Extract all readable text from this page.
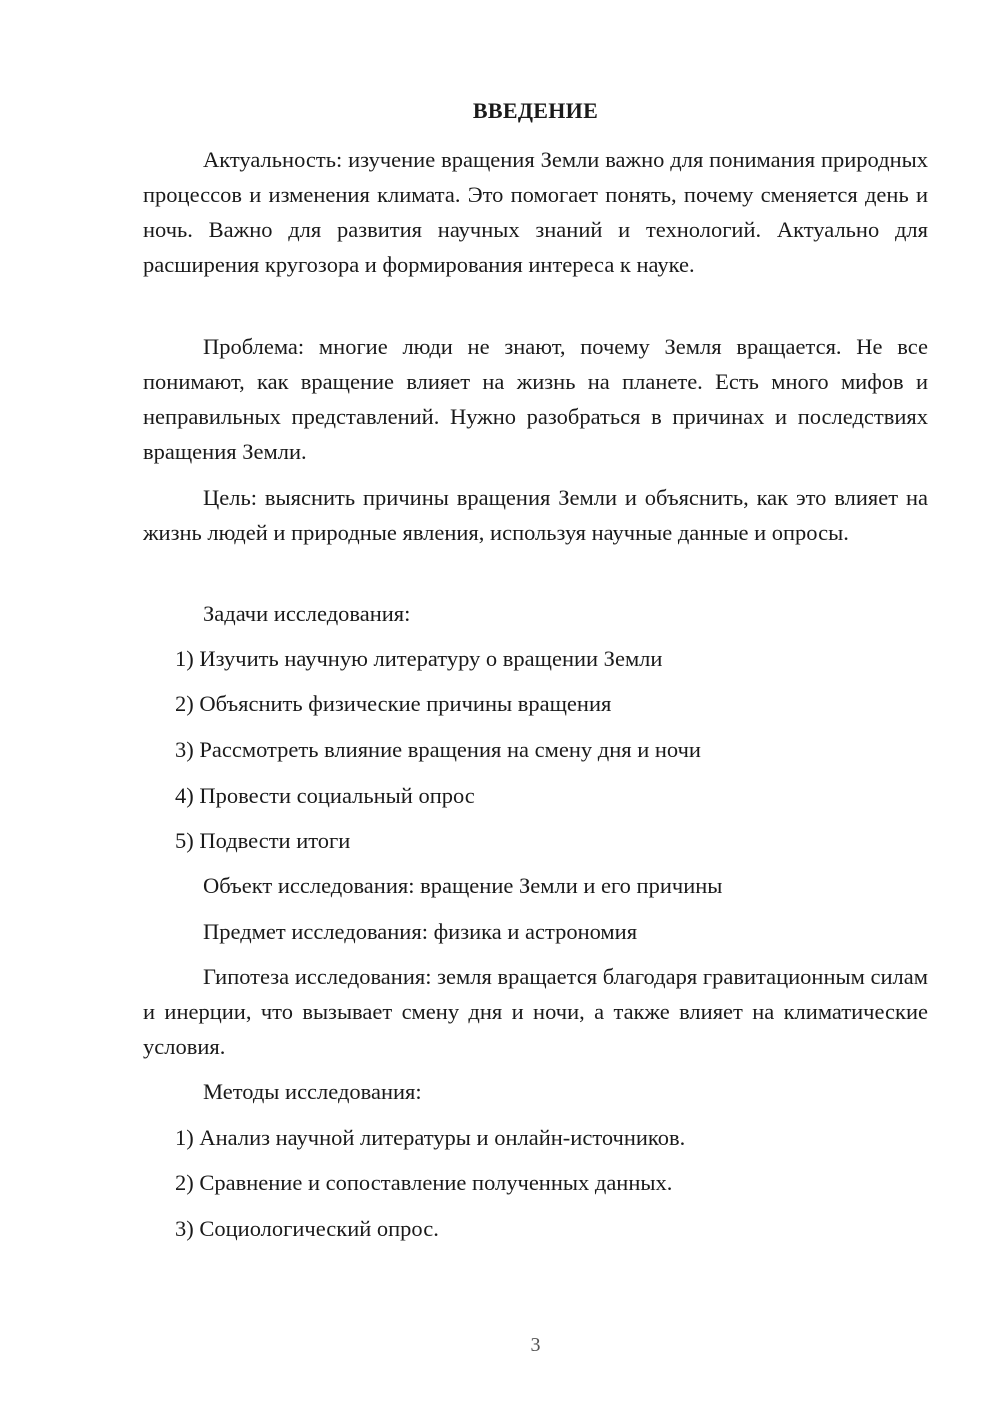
ВВЕДЕНИЕ

Актуальность: изучение вращения Земли важно для понимания природных процессов и изменения климата. Это помогает понять, почему сменяется день и ночь. Важно для развития научных знаний и технологий. Актуально для расширения кругозора и формирования интереса к науке.

Проблема: многие люди не знают, почему Земля вращается. Не все понимают, как вращение влияет на жизнь на планете. Есть много мифов и неправильных представлений. Нужно разобраться в причинах и последствиях вращения Земли.

Цель: выяснить причины вращения Земли и объяснить, как это влияет на жизнь людей и природные явления, используя научные данные и опросы.

Задачи исследования:

1) Изучить научную литературу о вращении Земли

2) Объяснить физические причины вращения

3) Рассмотреть влияние вращения на смену дня и ночи

4) Провести социальный опрос

5) Подвести итоги

Объект исследования: вращение Земли и его причины

Предмет исследования: физика и астрономия

Гипотеза исследования: земля вращается благодаря гравитационным силам и инерции, что вызывает смену дня и ночи, а также влияет на климатические условия.

Методы исследования:

1) Анализ научной литературы и онлайн-источников.

2) Сравнение и сопоставление полученных данных.

3) Социологический опрос.

3
